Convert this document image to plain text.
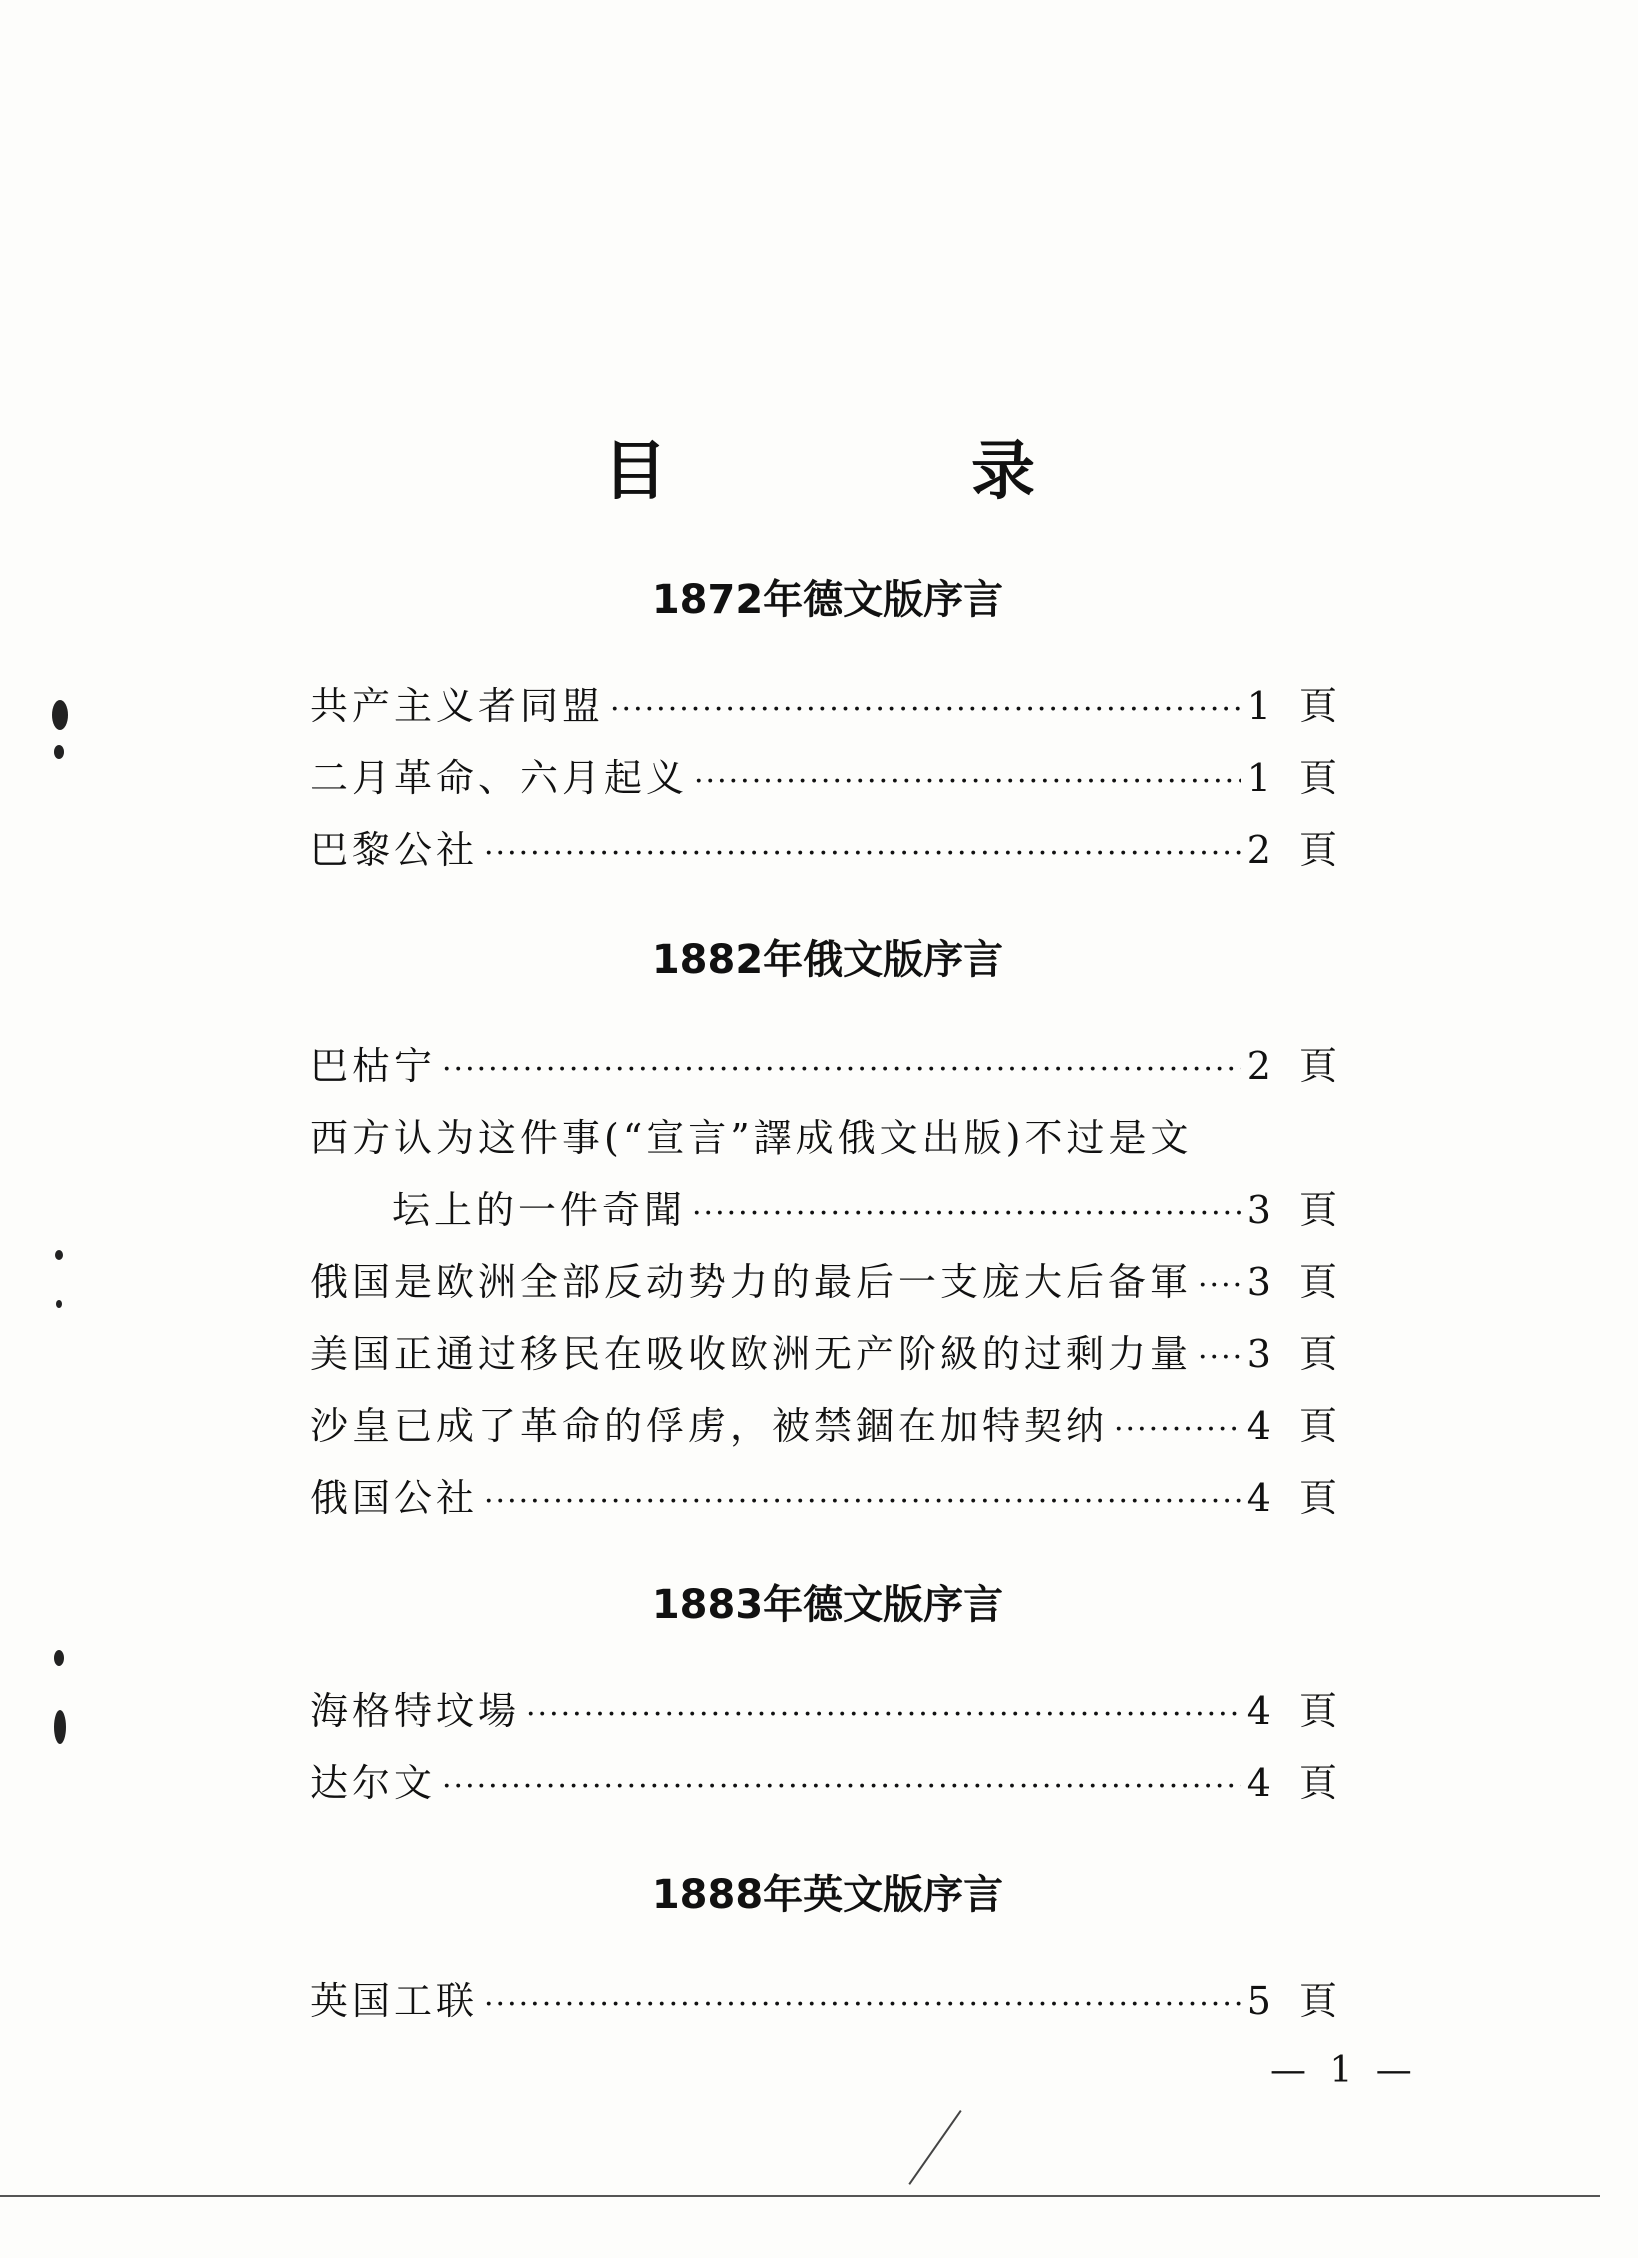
目　录
1872年德文版序言
共产主义者同盟 ·····	1 頁
二月革命、六月起义 ·····	1 頁
巴黎公社 ·····	2 頁
1882年俄文版序言
巴枯宁 ·····	2 頁
西方认为这件事(“宣言”譯成俄文出版)不过是文
坛上的一件奇聞 ·····	3 頁
俄国是欧洲全部反动势力的最后一支庞大后备軍 ····· 3 頁
美国正通过移民在吸收欧洲无产阶級的过剩力量 ····· 3 頁
沙皇已成了革命的俘虏，被禁錮在加特契纳 ·····	4 頁
俄国公社 ·····	4 頁
1883年德文版序言
海格特坟場 ·····	4 頁
达尔文 ·····	4 頁
1888年英文版序言
英国工联 ·····	5 頁
— 1 —
